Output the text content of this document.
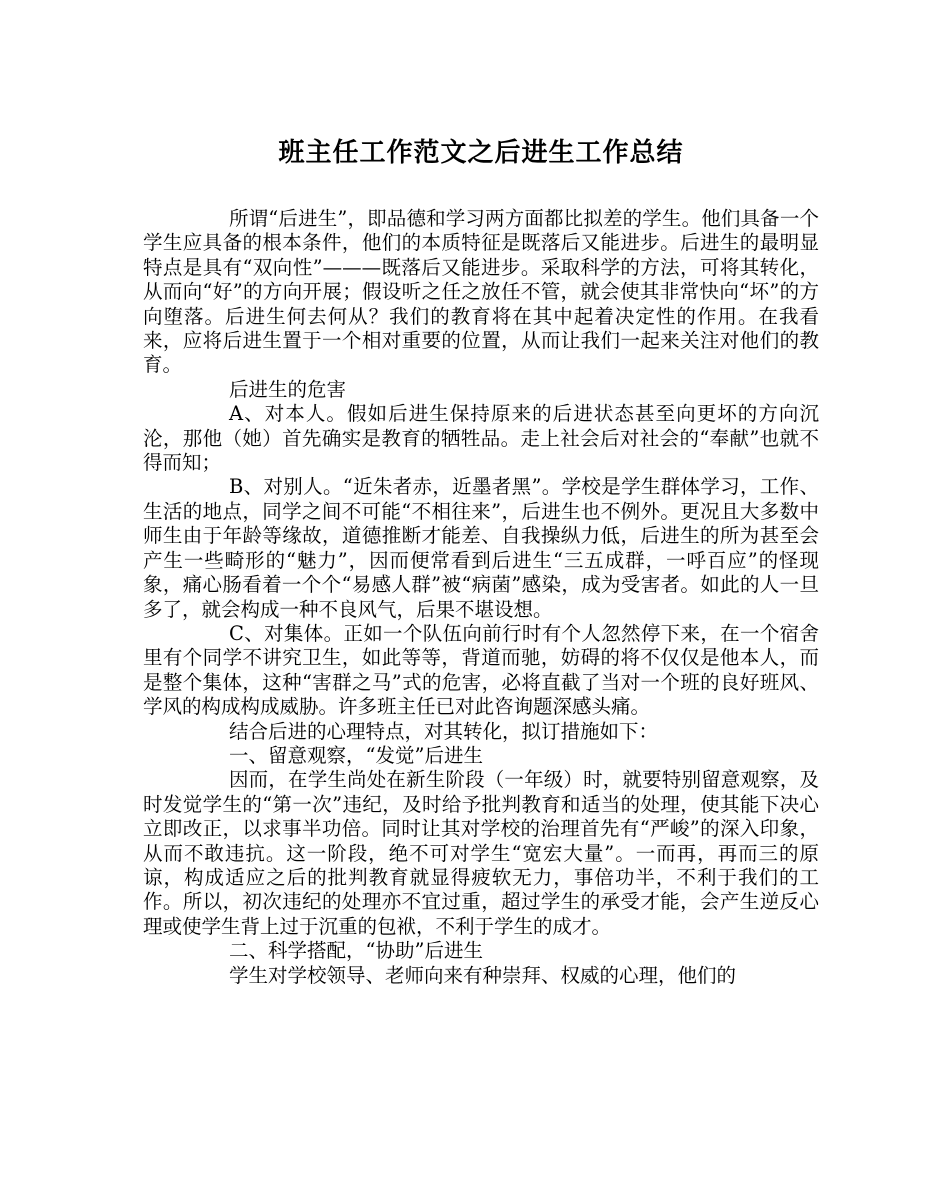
班主任工作范文之后进生工作总结

所谓“后进生”，即品德和学习两方面都比拟差的学生。他们具备一个学生应具备的根本条件，他们的本质特征是既落后又能进步。后进生的最明显特点是具有“双向性”———既落后又能进步。采取科学的方法，可将其转化，从而向“好”的方向开展；假设听之任之放任不管，就会使其非常快向“坏”的方向堕落。后进生何去何从？我们的教育将在其中起着决定性的作用。在我看来，应将后进生置于一个相对重要的位置，从而让我们一起来关注对他们的教育。

后进生的危害

A、对本人。假如后进生保持原来的后进状态甚至向更坏的方向沉沦，那他（她）首先确实是教育的牺牲品。走上社会后对社会的“奉献”也就不得而知；

B、对别人。“近朱者赤，近墨者黑”。学校是学生群体学习，工作、生活的地点，同学之间不可能“不相往来”，后进生也不例外。更况且大多数中师生由于年龄等缘故，道德推断才能差、自我操纵力低，后进生的所为甚至会产生一些畸形的“魅力”，因而便常看到后进生“三五成群，一呼百应”的怪现象，痛心肠看着一个个“易感人群”被“病菌”感染，成为受害者。如此的人一旦多了，就会构成一种不良风气，后果不堪设想。

C、对集体。正如一个队伍向前行时有个人忽然停下来，在一个宿舍里有个同学不讲究卫生，如此等等，背道而驰，妨碍的将不仅仅是他本人，而是整个集体，这种“害群之马”式的危害，必将直截了当对一个班的良好班风、学风的构成构成威胁。许多班主任已对此咨询题深感头痛。

结合后进的心理特点，对其转化，拟订措施如下：

一、留意观察，“发觉”后进生

因而，在学生尚处在新生阶段（一年级）时，就要特别留意观察，及时发觉学生的“第一次”违纪，及时给予批判教育和适当的处理，使其能下决心立即改正，以求事半功倍。同时让其对学校的治理首先有“严峻”的深入印象，从而不敢违抗。这一阶段，绝不可对学生“宽宏大量”。一而再，再而三的原谅，构成适应之后的批判教育就显得疲软无力，事倍功半，不利于我们的工作。所以，初次违纪的处理亦不宜过重，超过学生的承受才能，会产生逆反心理或使学生背上过于沉重的包袱，不利于学生的成才。

二、科学搭配，“协助”后进生

学生对学校领导、老师向来有种崇拜、权威的心理，他们的
